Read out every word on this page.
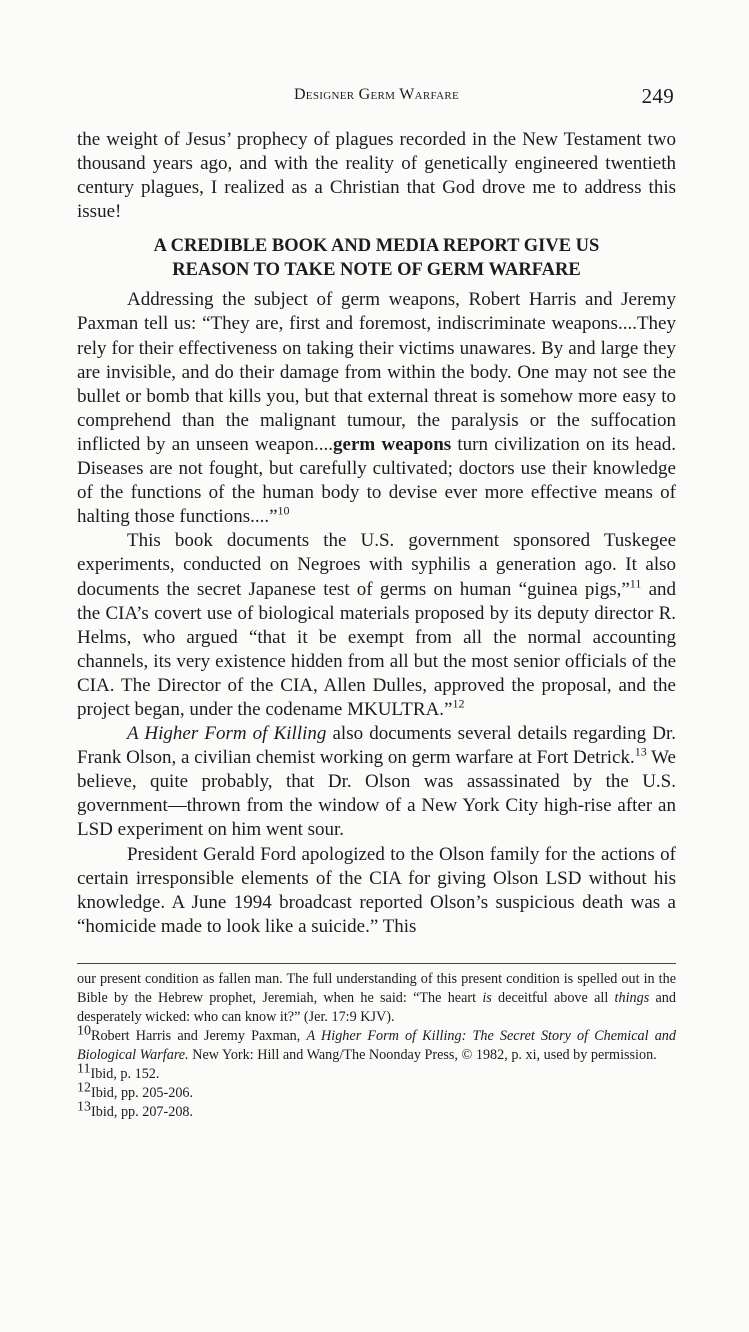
Designer Germ Warfare	249

the weight of Jesus’ prophecy of plagues recorded in the New Testament two thousand years ago, and with the reality of genetically engineered twentieth century plagues, I realized as a Christian that God drove me to address this issue!

A CREDIBLE BOOK AND MEDIA REPORT GIVE US
REASON TO TAKE NOTE OF GERM WARFARE

Addressing the subject of germ weapons, Robert Harris and Jeremy Paxman tell us: “They are, first and foremost, indiscriminate weapons....They rely for their effectiveness on taking their victims unawares. By and large they are invisible, and do their damage from within the body. One may not see the bullet or bomb that kills you, but that external threat is somehow more easy to comprehend than the malignant tumour, the paralysis or the suffocation inflicted by an unseen weapon....germ weapons turn civilization on its head. Diseases are not fought, but carefully cultivated; doctors use their knowledge of the functions of the human body to devise ever more effective means of halting those functions....”$^{10}$

This book documents the U.S. government sponsored Tuskegee experiments, conducted on Negroes with syphilis a generation ago. It also documents the secret Japanese test of germs on human “guinea pigs,”$^{11}$ and the CIA’s covert use of biological materials proposed by its deputy director R. Helms, who argued “that it be exempt from all the normal accounting channels, its very existence hidden from all but the most senior officials of the CIA. The Director of the CIA, Allen Dulles, approved the proposal, and the project began, under the codename MKULTRA.”$^{12}$

A Higher Form of Killing also documents several details regarding Dr. Frank Olson, a civilian chemist working on germ warfare at Fort Detrick.$^{13}$ We believe, quite probably, that Dr. Olson was assassinated by the U.S. government—thrown from the window of a New York City high-rise after an LSD experiment on him went sour.

President Gerald Ford apologized to the Olson family for the actions of certain irresponsible elements of the CIA for giving Olson LSD without his knowledge. A June 1994 broadcast reported Olson’s suspicious death was a “homicide made to look like a suicide.” This

our present condition as fallen man. The full understanding of this present condition is spelled out in the Bible by the Hebrew prophet, Jeremiah, when he said: “The heart is deceitful above all things and desperately wicked: who can know it?” (Jer. 17:9 KJV).

10Robert Harris and Jeremy Paxman, A Higher Form of Killing: The Secret Story of Chemical and Biological Warfare. New York: Hill and Wang/The Noonday Press, © 1982, p. xi, used by permission.

11Ibid, p. 152.

12Ibid, pp. 205-206.

13Ibid, pp. 207-208.
